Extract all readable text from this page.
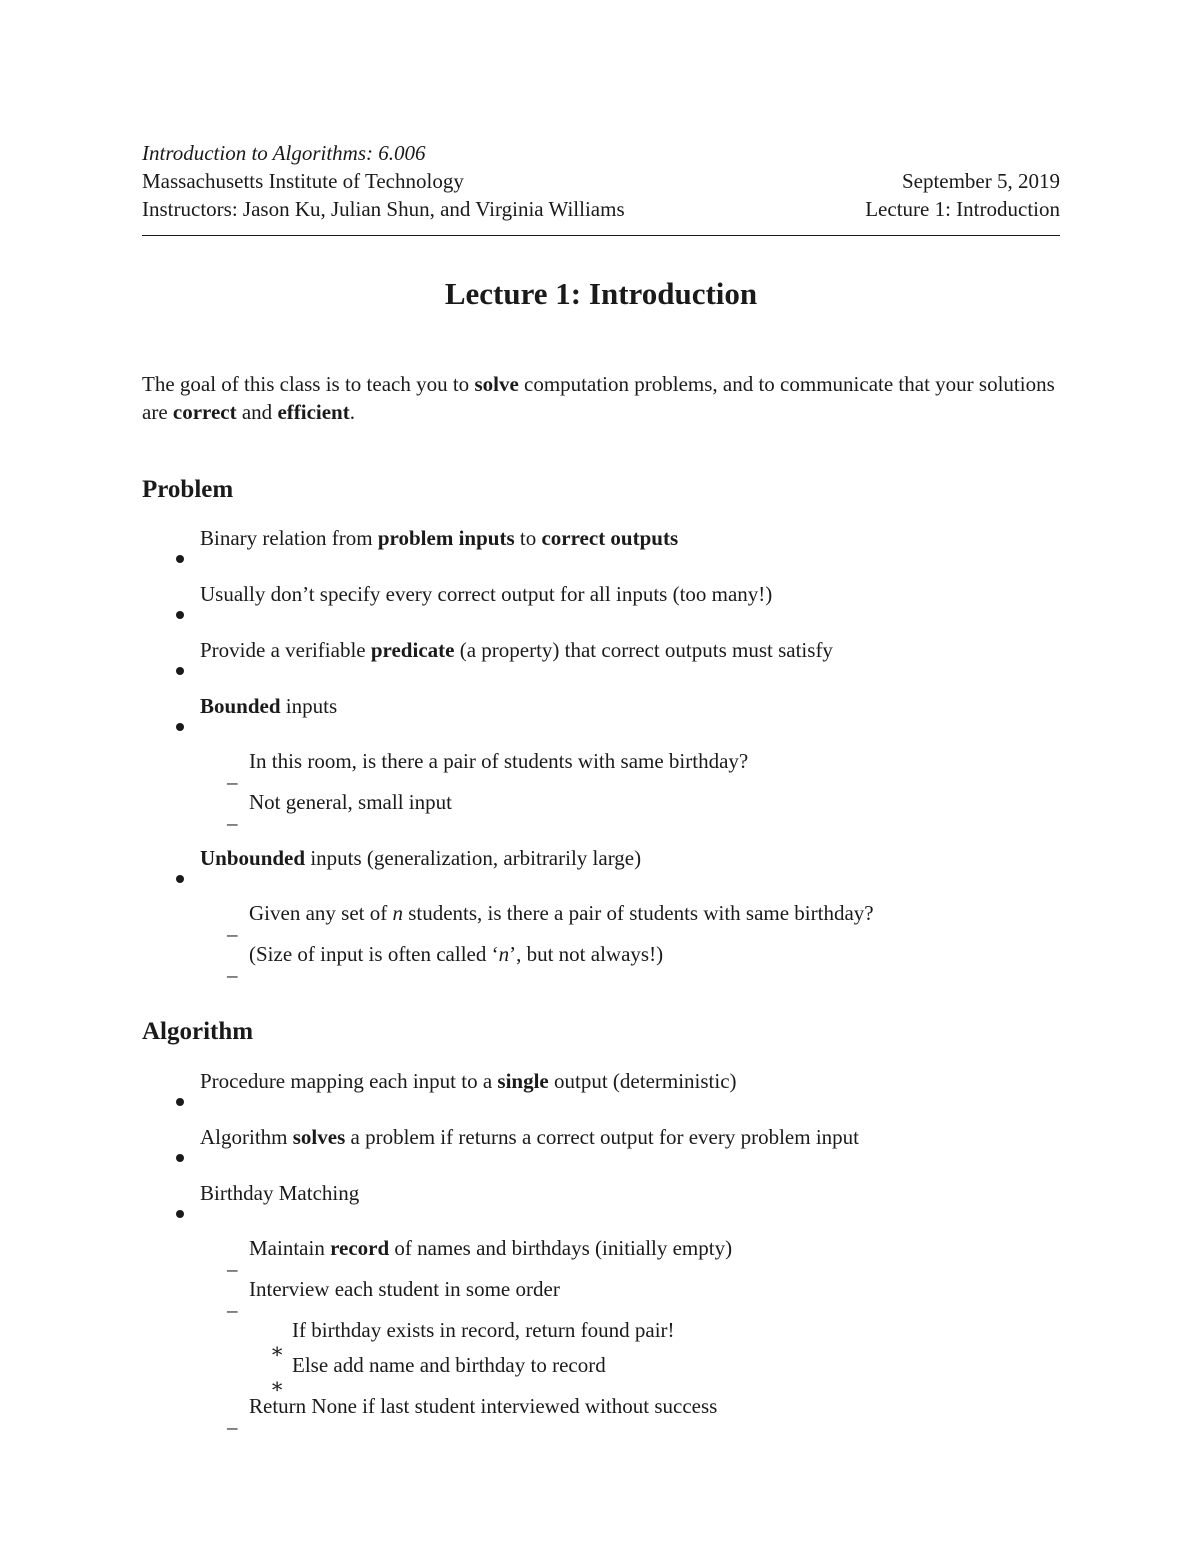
Introduction to Algorithms: 6.006
Massachusetts Institute of Technology	September 5, 2019
Instructors: Jason Ku, Julian Shun, and Virginia Williams	Lecture 1: Introduction
Lecture 1: Introduction
The goal of this class is to teach you to solve computation problems, and to communicate that your solutions are correct and efficient.
Problem
Binary relation from problem inputs to correct outputs
Usually don’t specify every correct output for all inputs (too many!)
Provide a verifiable predicate (a property) that correct outputs must satisfy
Bounded inputs
–
In this room, is there a pair of students with same birthday?
–
Not general, small input
Unbounded inputs (generalization, arbitrarily large)
–
Given any set of n students, is there a pair of students with same birthday?
–
(Size of input is often called ‘n’, but not always!)
Algorithm
Procedure mapping each input to a single output (deterministic)
Algorithm solves a problem if returns a correct output for every problem input
Birthday Matching
–
Maintain record of names and birthdays (initially empty)
–
Interview each student in some order
∗
If birthday exists in record, return found pair!
∗
Else add name and birthday to record
–
Return None if last student interviewed without success
